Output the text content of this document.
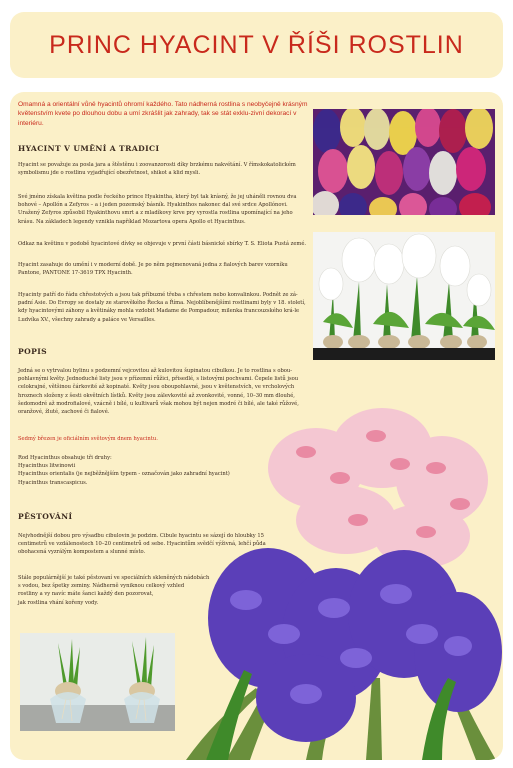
PRINC HYACINT V ŘÍŠI ROSTLIN

Omamná a orientální vůně hyacintů ohromí každého. Tato nádherná rostlina s neobyčejně krásným květenstvím kvete po dlouhou dobu a umí zkrášlit jak zahrady, tak se stát exklu-zivní dekorací v interiéru.

HYACINT V UMĚNÍ A TRADICI

Hyacint se považuje za posla jara a štěstěnu i zoovanzorosti díky brzkému nakvétání. V římskokatolickém symbolismu jde o rostlinu vyjadřující obezřetnost, shikot a klid mysli.

Své jméno získala květina podle řeckého prince Hyakintha, který byl tak krásný, že jej uháněli rovnou dva bohové – Apollón a Zefyros – a i jeden pozemský básník. Hyakinthos nakonec dal své srdce Apollónovi. Uražený Zefyros způsobil Hyakinthovu smrt a z mladíkovy krve pry vyrostla rostlina upomínající na jeho krásu. Na základech legendy vznikla například Mozartova opera Apollo et Hyacinthus.

Odkaz na květinu v podobě hyacintové dívky se objevuje v první části básnické sbírky T. S. Eliota Pustá zemé.

Hyacint zasahuje do umění i v moderní době. Je po něm pojmenovaná jedna z fialových barev vzorníku Pantone, PANTONE 17-3619 TPX Hyacinth.

Hyacinty patří do řádu chřestotvých a jsou tak příbuzné třeba s chřestem nebo konvalinkou. Podnět ze zá-padní Asie. Do Evropy se dostaly ze starověkého Řecka a Říma. Nejoblíbenějšími rostlinami byly v 18. století, kdy hyacintovými záhony a květináky mohla vzdobit Madame de Pompadour, milenka francouzského krá-le Ludvíka XV., všechny zahrady a paláce ve Versailles.

POPIS

Jedná se o vytrvalou bylinu s podzemní vejcovitou až kulovitou šupinatou cibulkou. Je to rostlina s obou-pohlavnými květy. Jednoduché listy jsou v přízemní růžici, přisedlé, s listovými pochvami. Čepele listů jsou celokrajné, většinou čárkovité až kopinaté. Květy jsou oboupohlavné, jsou v květenstvích, ve vrcholových hroznech složeny z šesti okvětních lístků. Květy jsou zálevkovité až zvonkovité, vonné, 10–30 mm dlouhé, šedomodré až modrofialové, vzácně i bílé, u kultivarů však mohou být nejen modré či bílé, ale také růžové, oranžové, žluté, zachové či fialové.

Sedmý březen je oficiálním světovým dnem hyacintu.

Rod Hyacinthus obsahuje tři druhy:
Hyacinthus litwinowii
Hyacinthus orientalis (je nejběžnějším typem - označován jako zahradní hyacint)
Hyacinthus transcaspicus.

PĚSTOVÁNÍ

Nejvhodnější dobou pro výsadbu cibulovin je podzim. Cibule hyacintu se sázejí do hloubky 15 centimetrů ve vzdálenostech 10–20 centimetrů od sebe. Hyacintům svědčí výživná, lehčí půda obohacená vyzrálým kompostem a slunné místo.

Stále populárnější je také pěstovaní ve speciálních skleněných nádobách
s vodou, bez špetky zeminy. Nádherně vyniknou celkový vzhled
rostliny a vy navíc máte šanci každý den pozorovat,
jak rostlina vhání kořeny vody.
